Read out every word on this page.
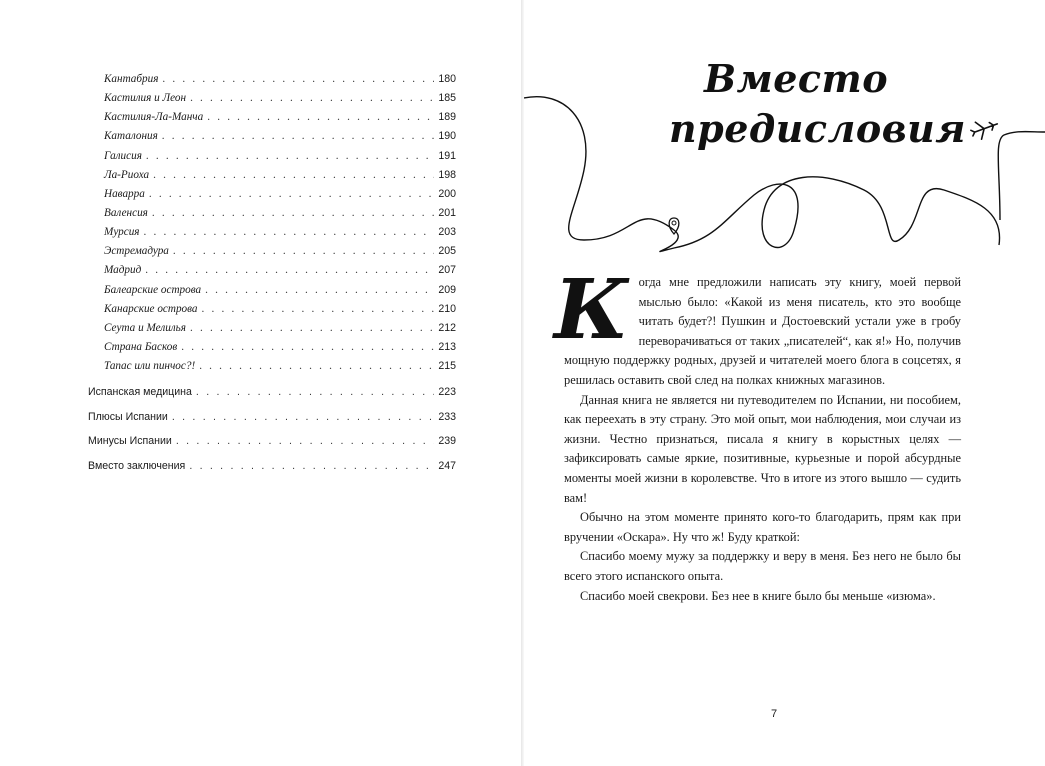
Кантабрия . . .	180
Кастилия и Леон . . .	185
Кастилия-Ла-Манча . . .	189
Каталония . . .	190
Галисия . . .	191
Ла-Риоха . . .	198
Наварра . . .	200
Валенсия . . .	201
Мурсия . . .	203
Эстремадура . . .	205
Мадрид . . .	207
Балеарские острова . . .	209
Канарские острова . . .	210
Сеута и Мелилья . . .	212
Страна Басков . . .	213
Тапас или пинчос?! . . .	215
Испанская медицина . . .	223
Плюсы Испании . . .	233
Минусы Испании . . .	239
Вместо заключения . . .	247
Вместо
предисловия

Когда мне предложили написать эту книгу, моей первой мыслью было: «Какой из меня писатель, кто это вообще читать будет?! Пушкин и Достоевский устали уже в гробу переворачиваться от таких „писателей“, как я!» Но, получив мощную поддержку родных, друзей и читателей моего блога в соцсетях, я решилась оставить свой след на полках книжных магазинов.

Данная книга не является ни путеводителем по Испании, ни пособием, как переехать в эту страну. Это мой опыт, мои наблюдения, мои случаи из жизни. Честно признаться, писала я книгу в корыстных целях — зафиксировать самые яркие, позитивные, курьезные и порой абсурдные моменты моей жизни в королевстве. Что в итоге из этого вышло — судить вам!

Обычно на этом моменте принято кого-то благодарить, прям как при вручении «Оскара». Ну что ж! Буду краткой:

Спасибо моему мужу за поддержку и веру в меня. Без него не было бы всего этого испанского опыта.

Спасибо моей свекрови. Без нее в книге было бы меньше «изюма».

7
